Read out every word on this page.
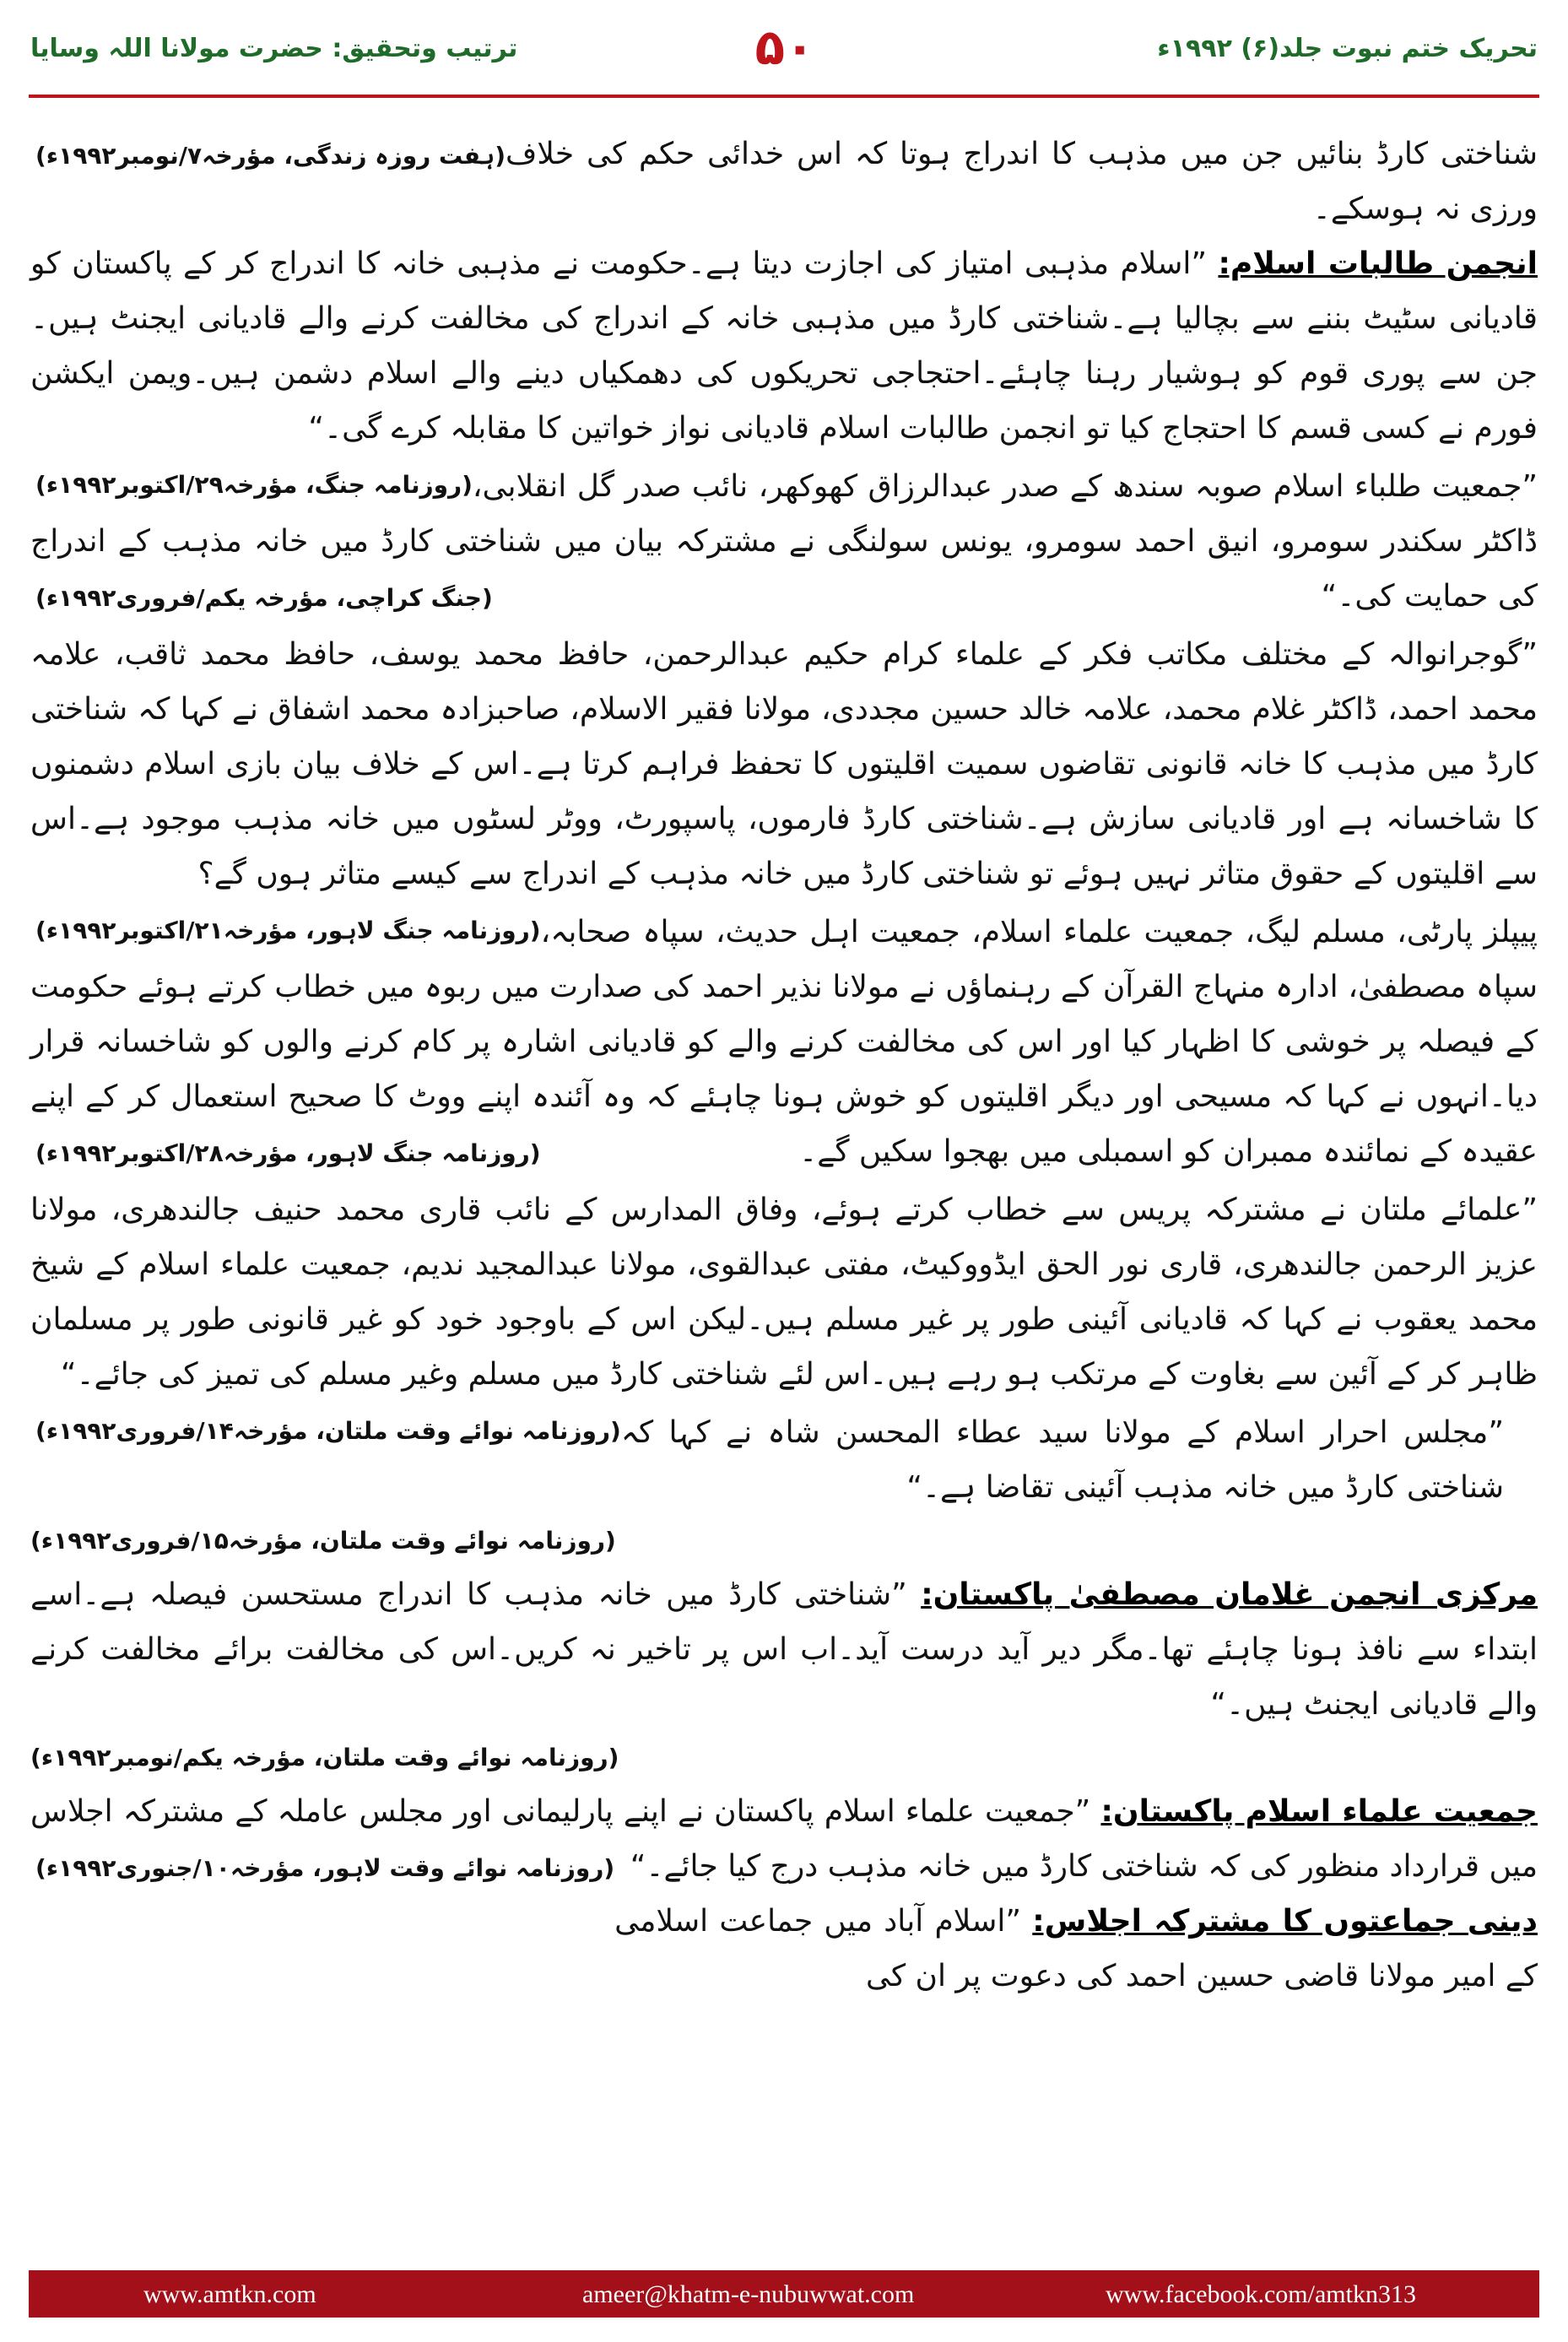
ترتیب وتحقیق: حضرت مولانا اللہ وسایا	۵۰	تحریک ختم نبوت جلد(۶) ۱۹۹۲ء

(ہفت روزہ زندگی، مؤرخہ۷/نومبر۱۹۹۲ء) شناختی کارڈ بنائیں جن میں مذہب کا اندراج ہوتا کہ اس خدائی حکم کی خلاف ورزی نہ ہوسکے۔

انجمن طالبات اسلام: ”اسلام مذہبی امتیاز کی اجازت دیتا ہے۔حکومت نے مذہبی خانہ کا اندراج کر کے پاکستان کو قادیانی سٹیٹ بننے سے بچالیا ہے۔شناختی کارڈ میں مذہبی خانہ کے اندراج کی مخالفت کرنے والے قادیانی ایجنٹ ہیں۔جن سے پوری قوم کو ہوشیار رہنا چاہئے۔احتجاجی تحریکوں کی دھمکیاں دینے والے اسلام دشمن ہیں۔ویمن ایکشن فورم نے کسی قسم کا احتجاج کیا تو انجمن طالبات اسلام قادیانی نواز خواتین کا مقابلہ کرے گی۔“
(روزنامہ جنگ، مؤرخہ۲۹/اکتوبر۱۹۹۲ء) ”جمعیت طلباء اسلام صوبہ سندھ کے صدر عبدالرزاق کھوکھر، نائب صدر گل انقلابی، ڈاکٹر سکندر سومرو، انیق احمد سومرو، یونس سولنگی نے مشترکہ بیان میں شناختی کارڈ میں خانہ مذہب کے اندراج کی حمایت کی۔“
(جنگ کراچی، مؤرخہ یکم/فروری۱۹۹۲ء)

”گوجرانوالہ کے مختلف مکاتب فکر کے علماء کرام حکیم عبدالرحمن، حافظ محمد یوسف، حافظ محمد ثاقب، علامہ محمد احمد، ڈاکٹر غلام محمد، علامہ خالد حسین مجددی، مولانا فقیر الاسلام، صاحبزادہ محمد اشفاق نے کہا کہ شناختی کارڈ میں مذہب کا خانہ قانونی تقاضوں سمیت اقلیتوں کا تحفظ فراہم کرتا ہے۔اس کے خلاف بیان بازی اسلام دشمنوں کا شاخسانہ ہے اور قادیانی سازش ہے۔شناختی کارڈ فارموں، پاسپورٹ، ووٹر لسٹوں میں خانہ مذہب موجود ہے۔اس سے اقلیتوں کے حقوق متاثر نہیں ہوئے تو شناختی کارڈ میں خانہ مذہب کے اندراج سے کیسے متاثر ہوں گے؟
(روزنامہ جنگ لاہور، مؤرخہ۲۱/اکتوبر۱۹۹۲ء) پیپلز پارٹی، مسلم لیگ، جمعیت علماء اسلام، جمعیت اہل حدیث، سپاہ صحابہ، سپاہ مصطفیٰ، ادارہ منہاج القرآن کے رہنماؤں نے مولانا نذیر احمد کی صدارت میں ربوہ میں خطاب کرتے ہوئے حکومت کے فیصلہ پر خوشی کا اظہار کیا اور اس کی مخالفت کرنے والے کو قادیانی اشارہ پر کام کرنے والوں کو شاخسانہ قرار دیا۔انہوں نے کہا کہ مسیحی اور دیگر اقلیتوں کو خوش ہونا چاہئے کہ وہ آئندہ اپنے ووٹ کا صحیح استعمال کر کے اپنے عقیدہ کے نمائندہ ممبران کو اسمبلی میں بھجوا سکیں گے۔
(روزنامہ جنگ لاہور، مؤرخہ۲۸/اکتوبر۱۹۹۲ء)

”علمائے ملتان نے مشترکہ پریس سے خطاب کرتے ہوئے، وفاق المدارس کے نائب قاری محمد حنیف جالندھری، مولانا عزیز الرحمن جالندھری، قاری نور الحق ایڈووکیٹ، مفتی عبدالقوی، مولانا عبدالمجید ندیم، جمعیت علماء اسلام کے شیخ محمد یعقوب نے کہا کہ قادیانی آئینی طور پر غیر مسلم ہیں۔لیکن اس کے باوجود خود کو غیر قانونی طور پر مسلمان ظاہر کر کے آئین سے بغاوت کے مرتکب ہو رہے ہیں۔اس لئے شناختی کارڈ میں مسلم وغیر مسلم کی تمیز کی جائے۔“
(روزنامہ نوائے وقت ملتان، مؤرخہ۱۴/فروری۱۹۹۲ء) ”مجلس احرار اسلام کے مولانا سید عطاء المحسن شاہ نے کہا کہ شناختی کارڈ میں خانہ مذہب آئینی تقاضا ہے۔“

(روزنامہ نوائے وقت ملتان، مؤرخہ۱۵/فروری۱۹۹۲ء)

مرکزی انجمن غلامان مصطفیٰ پاکستان: ”شناختی کارڈ میں خانہ مذہب کا اندراج مستحسن فیصلہ ہے۔اسے ابتداء سے نافذ ہونا چاہئے تھا۔مگر دیر آید درست آید۔اب اس پر تاخیر نہ کریں۔اس کی مخالفت برائے مخالفت کرنے والے قادیانی ایجنٹ ہیں۔“

(روزنامہ نوائے وقت ملتان، مؤرخہ یکم/نومبر۱۹۹۲ء)

جمعیت علماء اسلام پاکستان: ”جمعیت علماء اسلام پاکستان نے اپنے پارلیمانی اور مجلس عاملہ کے مشترکہ اجلاس میں قرارداد منظور کی کہ شناختی کارڈ میں خانہ مذہب درج کیا جائے۔“
(روزنامہ نوائے وقت لاہور، مؤرخہ۱۰/جنوری۱۹۹۲ء)

دینی جماعتوں کا مشترکہ اجلاس: ”اسلام آباد میں جماعت اسلامی کے امیر مولانا قاضی حسین احمد کی دعوت پر ان کی

www.amtkn.com	ameer@khatm-e-nubuwwat.com	www.facebook.com/amtkn313
